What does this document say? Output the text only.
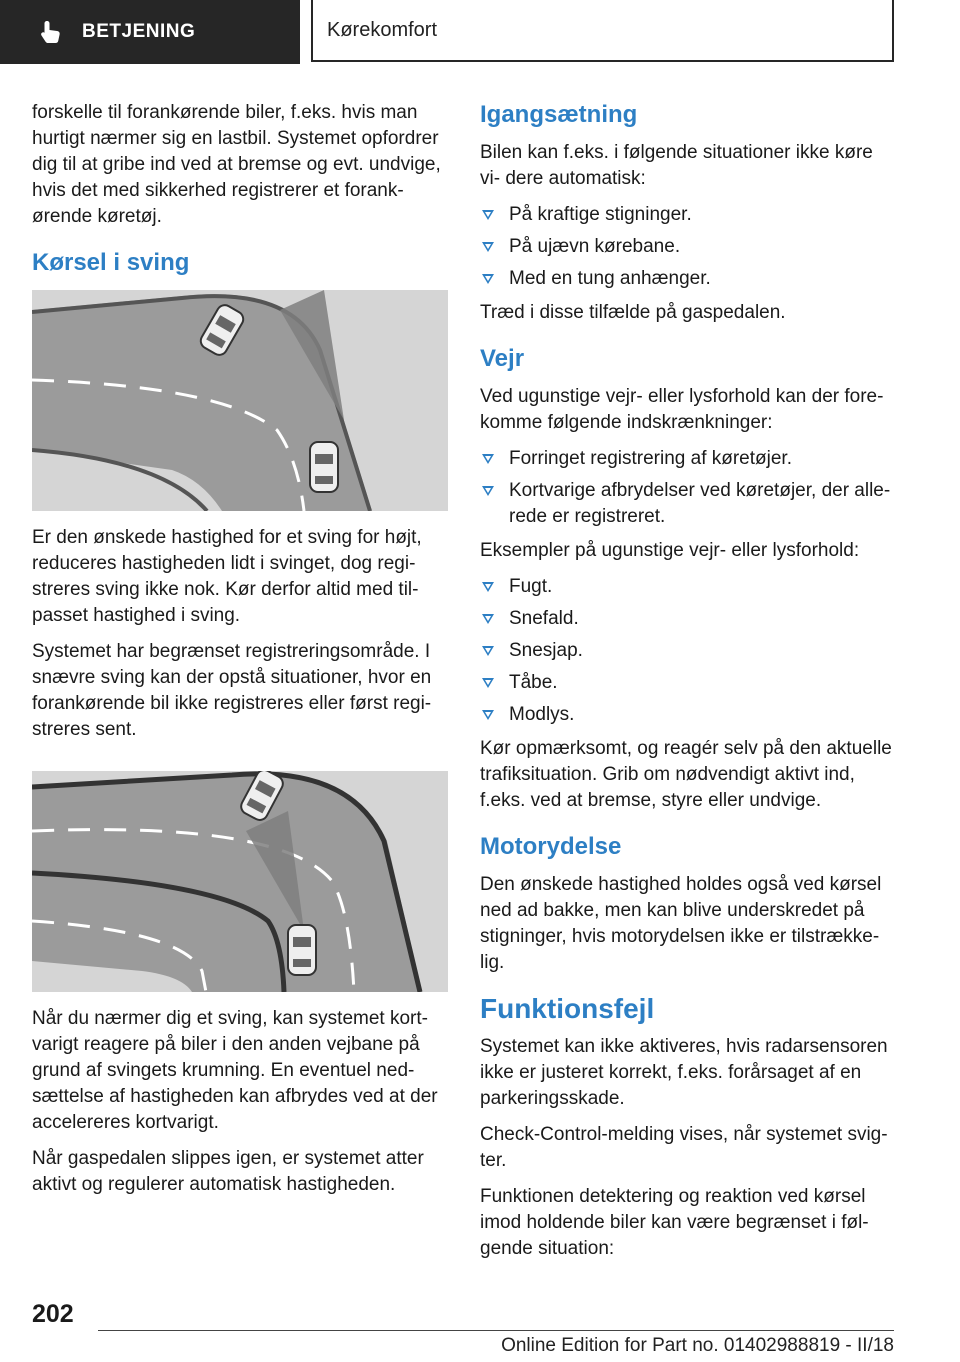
BETJENING	Kørekomfort

forskelle til forankørende biler, f.eks. hvis man hurtigt nærmer sig en lastbil. Systemet opfordrer dig til at gribe ind ved at bremse og evt. undvige, hvis det med sikkerhed registrerer et forank‐ ørende køretøj.

Kørsel i sving

Er den ønskede hastighed for et sving for højt, reduceres hastigheden lidt i svinget, dog regi‐ streres sving ikke nok. Kør derfor altid med til‐ passet hastighed i sving.

Systemet har begrænset registreringsområde. I snævre sving kan der opstå situationer, hvor en forankørende bil ikke registreres eller først regi‐ streres sent.

Når du nærmer dig et sving, kan systemet kort‐ varigt reagere på biler i den anden vejbane på grund af svingets krumning. En eventuel ned‐ sættelse af hastigheden kan afbrydes ved at der accelereres kortvarigt.

Når gaspedalen slippes igen, er systemet atter aktivt og regulerer automatisk hastigheden.

Igangsætning

Bilen kan f.eks. i følgende situationer ikke køre vi‐ dere automatisk:

På kraftige stigninger.
På ujævn kørebane.
Med en tung anhænger.

Træd i disse tilfælde på gaspedalen.

Vejr

Ved ugunstige vejr- eller lysforhold kan der fore‐ komme følgende indskrænkninger:

Forringet registrering af køretøjer.
Kortvarige afbrydelser ved køretøjer, der alle‐ rede er registreret.

Eksempler på ugunstige vejr- eller lysforhold:

Fugt.
Snefald.
Snesjap.
Tåbe.
Modlys.

Kør opmærksomt, og reagér selv på den aktuelle trafiksituation. Grib om nødvendigt aktivt ind, f.eks. ved at bremse, styre eller undvige.

Motorydelse

Den ønskede hastighed holdes også ved kørsel ned ad bakke, men kan blive underskredet på stigninger, hvis motorydelsen ikke er tilstrække‐ lig.

Funktionsfejl

Systemet kan ikke aktiveres, hvis radarsensoren ikke er justeret korrekt, f.eks. forårsaget af en parkeringsskade.

Check-Control-melding vises, når systemet svig‐ ter.

Funktionen detektering og reaktion ved kørsel imod holdende biler kan være begrænset i føl‐ gende situation:

202
Online Edition for Part no. 01402988819 - II/18
